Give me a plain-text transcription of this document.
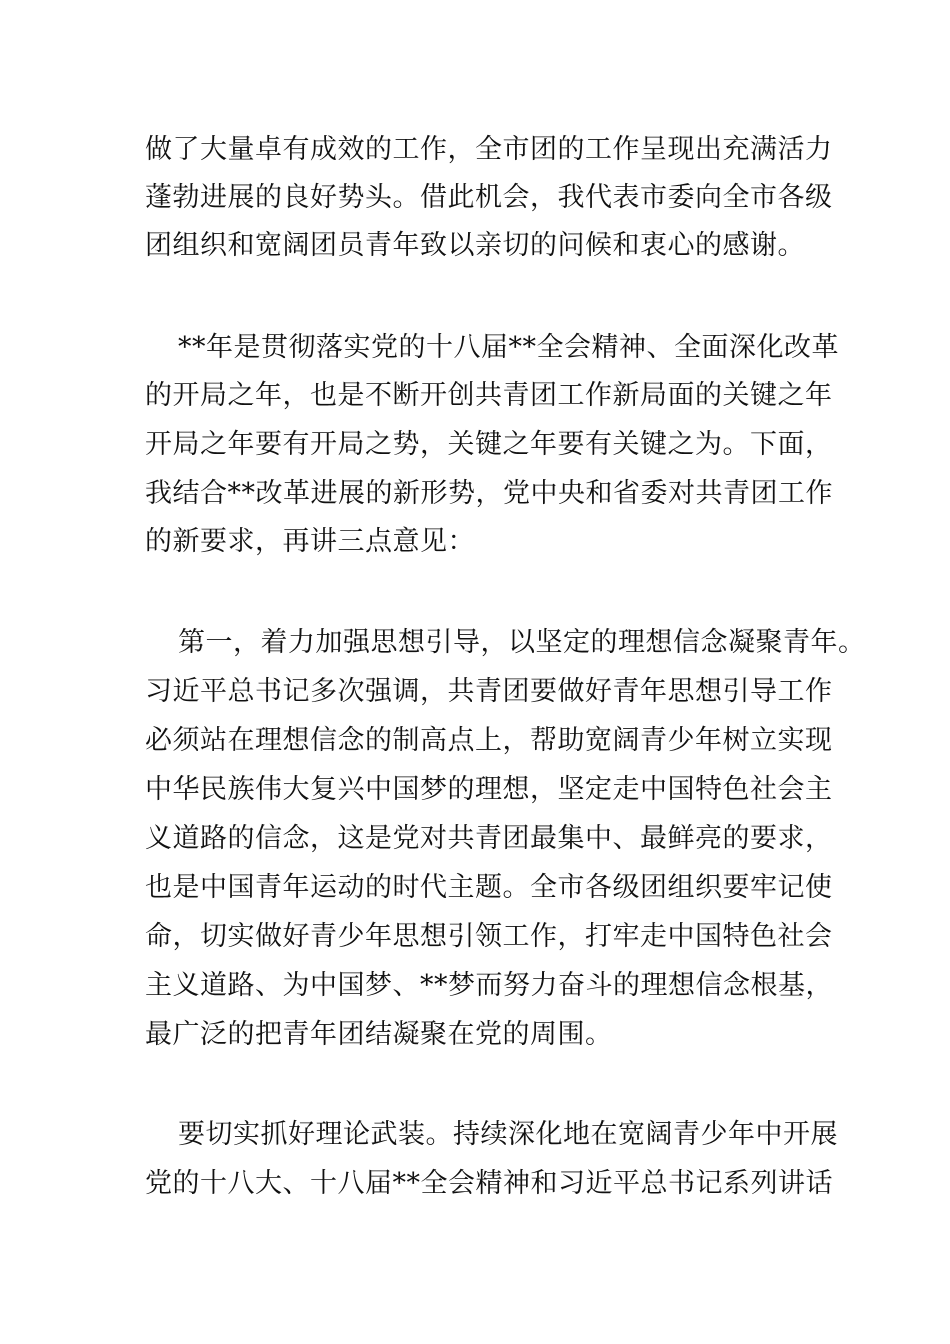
做了大量卓有成效的工作，全市团的工作呈现出充满活力
蓬勃进展的良好势头。借此机会，我代表市委向全市各级
团组织和宽阔团员青年致以亲切的问候和衷心的感谢。
**年是贯彻落实党的十八届**全会精神、全面深化改革
的开局之年，也是不断开创共青团工作新局面的关键之年
开局之年要有开局之势，关键之年要有关键之为。下面，
我结合**改革进展的新形势，党中央和省委对共青团工作
的新要求，再讲三点意见：
第一，着力加强思想引导，以坚定的理想信念凝聚青年。
习近平总书记多次强调，共青团要做好青年思想引导工作
必须站在理想信念的制高点上，帮助宽阔青少年树立实现
中华民族伟大复兴中国梦的理想，坚定走中国特色社会主
义道路的信念，这是党对共青团最集中、最鲜亮的要求，
也是中国青年运动的时代主题。全市各级团组织要牢记使
命，切实做好青少年思想引领工作，打牢走中国特色社会
主义道路、为中国梦、**梦而努力奋斗的理想信念根基，
最广泛的把青年团结凝聚在党的周围。
要切实抓好理论武装。持续深化地在宽阔青少年中开展
党的十八大、十八届**全会精神和习近平总书记系列讲话
